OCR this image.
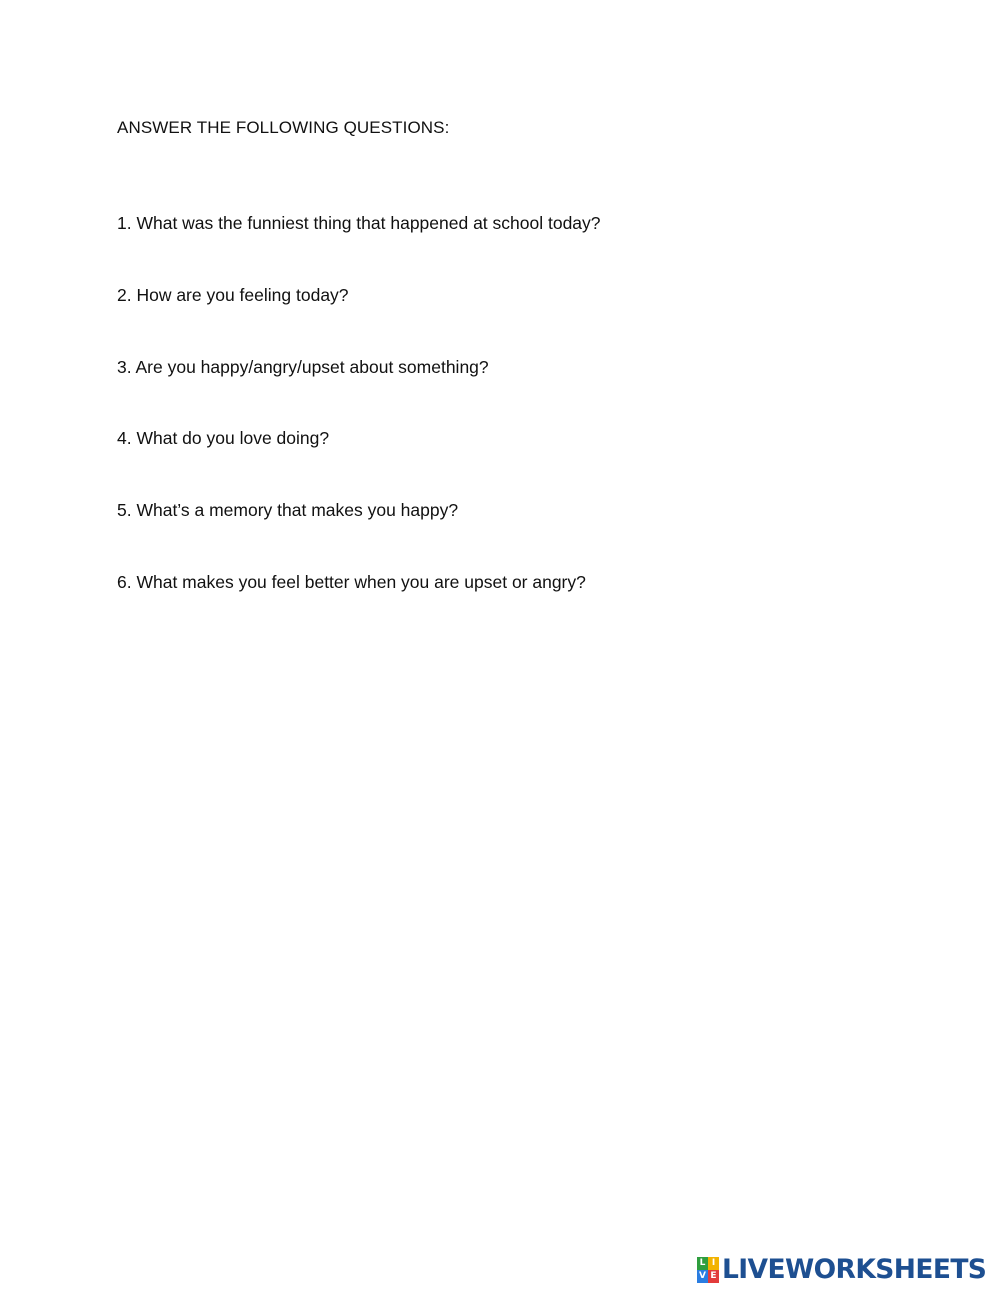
ANSWER THE FOLLOWING QUESTIONS:
1. What was the funniest thing that happened at school today?
2. How are you feeling today?
3. Are you happy/angry/upset about something?
4. What do you love doing?
5. What’s a memory that makes you happy?
6. What makes you feel better when you are upset or angry?
L I
V E LIVEWORKSHEETS
